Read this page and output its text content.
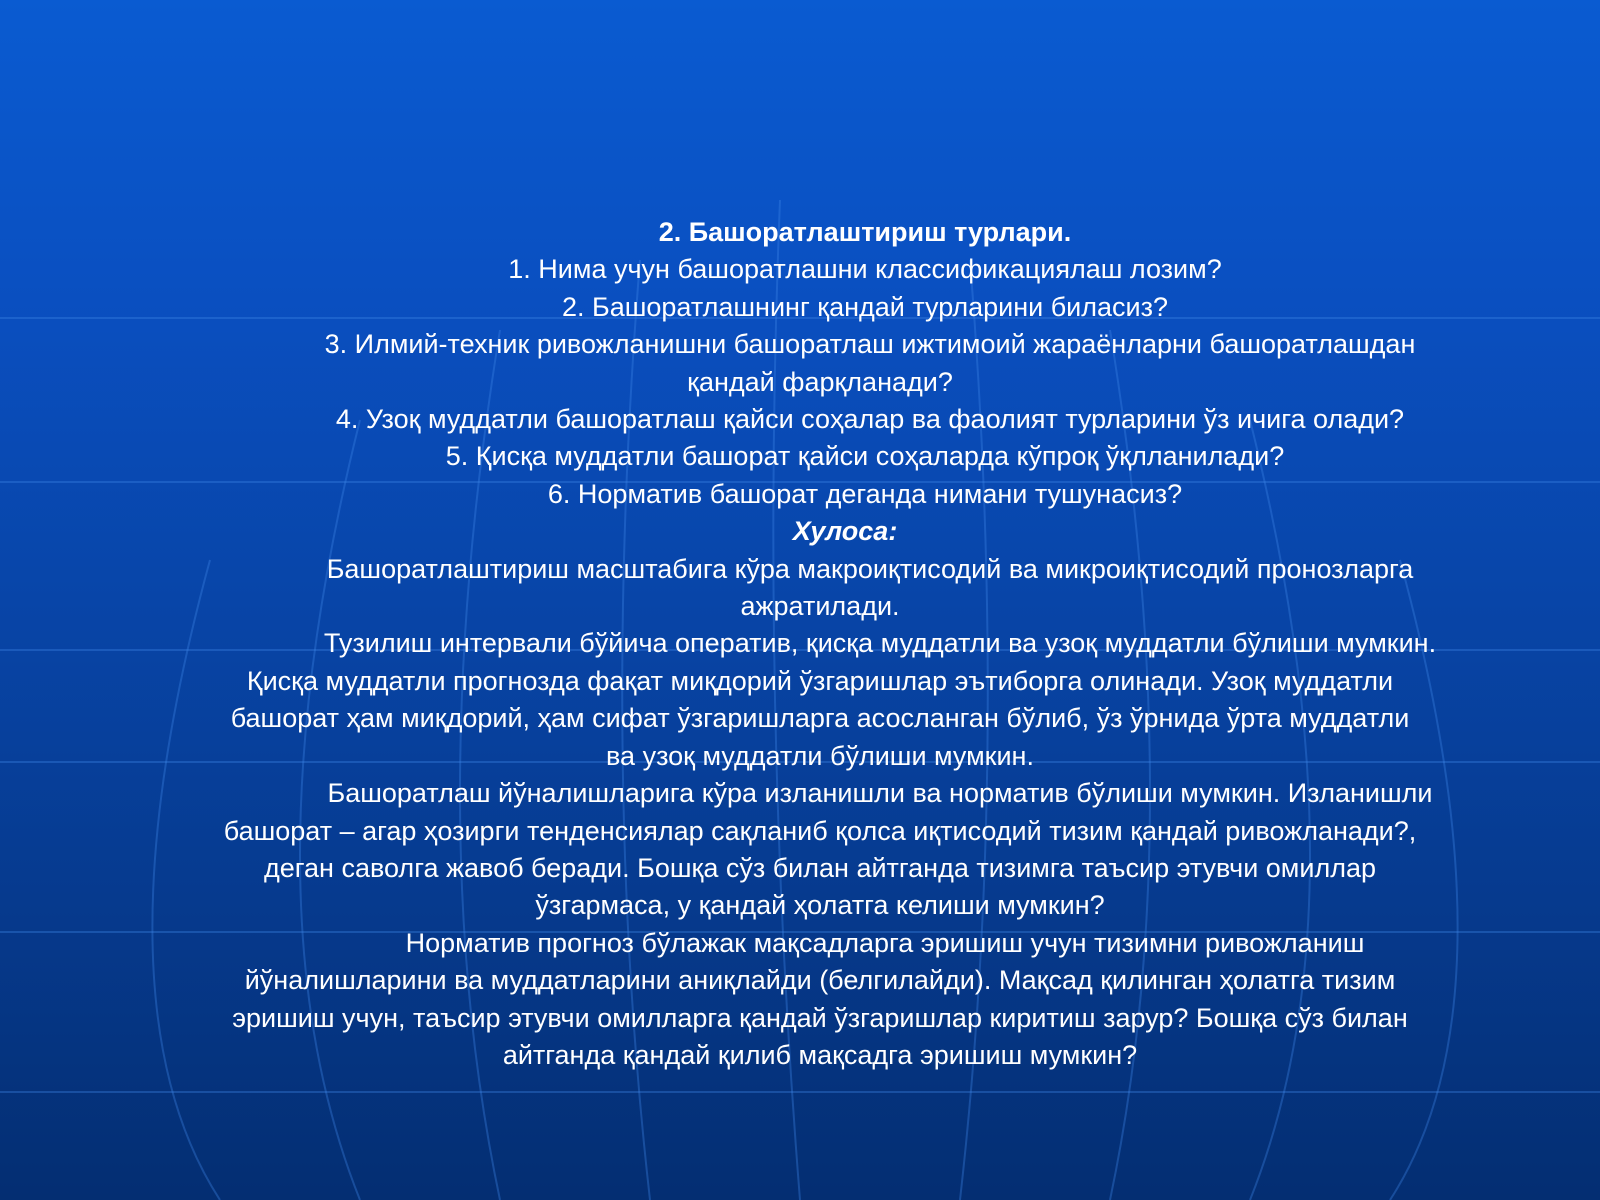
2. Башоратлаштириш турлари.
1. Нима учун башоратлашни классификациялаш лозим?
2. Башоратлашнинг қандай турларини биласиз?
3. Илмий-техник ривожланишни башоратлаш ижтимоий жараёнларни башоратлашдан
қандай фарқланади?
4. Узоқ муддатли башоратлаш қайси соҳалар ва фаолият турларини ўз ичига олади?
5. Қисқа муддатли башорат қайси соҳаларда кўпроқ ўқлланилади?
6. Норматив башорат деганда нимани тушунасиз?
Хулоса:
Башоратлаштириш масштабига кўра макроиқтисодий ва микроиқтисодий пронозларга
ажратилади.
Тузилиш интервали бўйича оператив, қисқа муддатли ва узоқ муддатли бўлиши мумкин.
Қисқа муддатли прогнозда фақат миқдорий ўзгаришлар эътиборга олинади. Узоқ муддатли
башорат ҳам миқдорий, ҳам сифат ўзгаришларга асосланган бўлиб, ўз ўрнида ўрта муддатли
ва узоқ муддатли бўлиши мумкин.
Башоратлаш йўналишларига кўра изланишли ва норматив бўлиши мумкин. Изланишли
башорат – агар ҳозирги тенденсиялар сақланиб қолса иқтисодий тизим қандай ривожланади?,
деган саволга жавоб беради. Бошқа сўз билан айтганда тизимга таъсир этувчи омиллар
ўзгармаса, у қандай ҳолатга келиши мумкин?
Норматив прогноз бўлажак мақсадларга эришиш учун тизимни ривожланиш
йўналишларини ва муддатларини аниқлайди (белгилайди). Мақсад қилинган ҳолатга тизим
эришиш учун, таъсир этувчи омилларга қандай ўзгаришлар киритиш зарур? Бошқа сўз билан
айтганда қандай қилиб мақсадга эришиш мумкин?
